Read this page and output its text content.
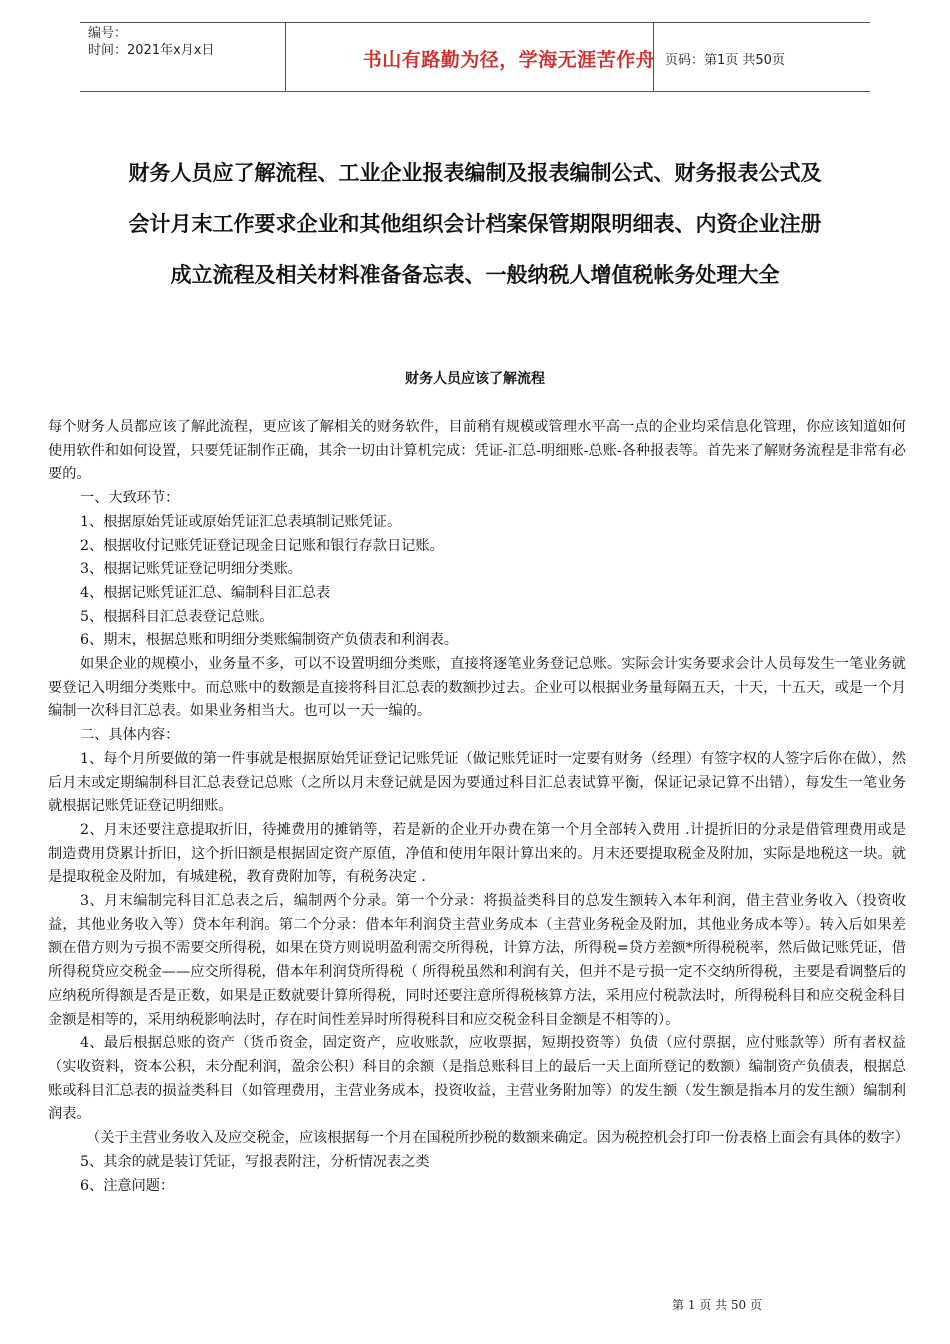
编号：
时间：2021年x月x日	书山有路勤为径，学海无涯苦作舟 页码：第1页 共50页
财务人员应了解流程、工业企业报表编制及报表编制公式、财务报表公式及
会计月末工作要求企业和其他组织会计档案保管期限明细表、内资企业注册
成立流程及相关材料准备备忘表、一般纳税人增值税帐务处理大全
财务人员应该了解流程

每个财务人员都应该了解此流程，更应该了解相关的财务软件，目前稍有规模或管理水平高一点的企业均采信息化管理，你应该知道如何使用软件和如何设置，只要凭证制作正确，其余一切由计算机完成：凭证-汇总-明细账-总账-各种报表等。首先来了解财务流程是非常有必要的。

一、大致环节：

1、根据原始凭证或原始凭证汇总表填制记账凭证。

2、根据收付记账凭证登记现金日记账和银行存款日记账。

3、根据记账凭证登记明细分类账。

4、根据记账凭证汇总、编制科目汇总表

5、根据科目汇总表登记总账。

6、期末，根据总账和明细分类账编制资产负债表和利润表。

如果企业的规模小，业务量不多，可以不设置明细分类账，直接将逐笔业务登记总账。实际会计实务要求会计人员每发生一笔业务就要登记入明细分类账中。而总账中的数额是直接将科目汇总表的数额抄过去。企业可以根据业务量每隔五天，十天，十五天，或是一个月编制一次科目汇总表。如果业务相当大。也可以一天一编的。

二、具体内容：

1、每个月所要做的第一件事就是根据原始凭证登记记账凭证（做记账凭证时一定要有财务（经理）有签字权的人签字后你在做），然后月末或定期编制科目汇总表登记总账（之所以月末登记就是因为要通过科目汇总表试算平衡，保证记录记算不出错），每发生一笔业务就根据记账凭证登记明细账。

2、月末还要注意提取折旧，待摊费用的摊销等，若是新的企业开办费在第一个月全部转入费用 .计提折旧的分录是借管理费用或是制造费用贷累计折旧，这个折旧额是根据固定资产原值，净值和使用年限计算出来的。月末还要提取税金及附加，实际是地税这一块。就是提取税金及附加，有城建税，教育费附加等，有税务决定 .

3、月末编制完科目汇总表之后，编制两个分录。第一个分录：将损益类科目的总发生额转入本年利润，借主营业务收入（投资收益，其他业务收入等）贷本年利润。第二个分录：借本年利润贷主营业务成本（主营业务税金及附加，其他业务成本等）。转入后如果差额在借方则为亏损不需要交所得税，如果在贷方则说明盈利需交所得税，计算方法，所得税=贷方差额*所得税税率，然后做记账凭证，借所得税贷应交税金——应交所得税，借本年利润贷所得税（ 所得税虽然和利润有关，但并不是亏损一定不交纳所得税，主要是看调整后的应纳税所得额是否是正数，如果是正数就要计算所得税，同时还要注意所得税核算方法，采用应付税款法时，所得税科目和应交税金科目金额是相等的，采用纳税影响法时，存在时间性差异时所得税科目和应交税金科目金额是不相等的）。

4、最后根据总账的资产（货币资金，固定资产，应收账款，应收票据，短期投资等）负债（应付票据，应付账款等）所有者权益（实收资料，资本公积，未分配利润，盈余公积）科目的余额（是指总账科目上的最后一天上面所登记的数额）编制资产负债表，根据总账或科目汇总表的损益类科目（如管理费用，主营业务成本，投资收益，主营业务附加等）的发生额（发生额是指本月的发生额）编制利润表。

（关于主营业务收入及应交税金，应该根据每一个月在国税所抄税的数额来确定。因为税控机会打印一份表格上面会有具体的数字）

5、其余的就是装订凭证，写报表附注，分析情况表之类

6、注意问题：

第 1 页 共 50 页
